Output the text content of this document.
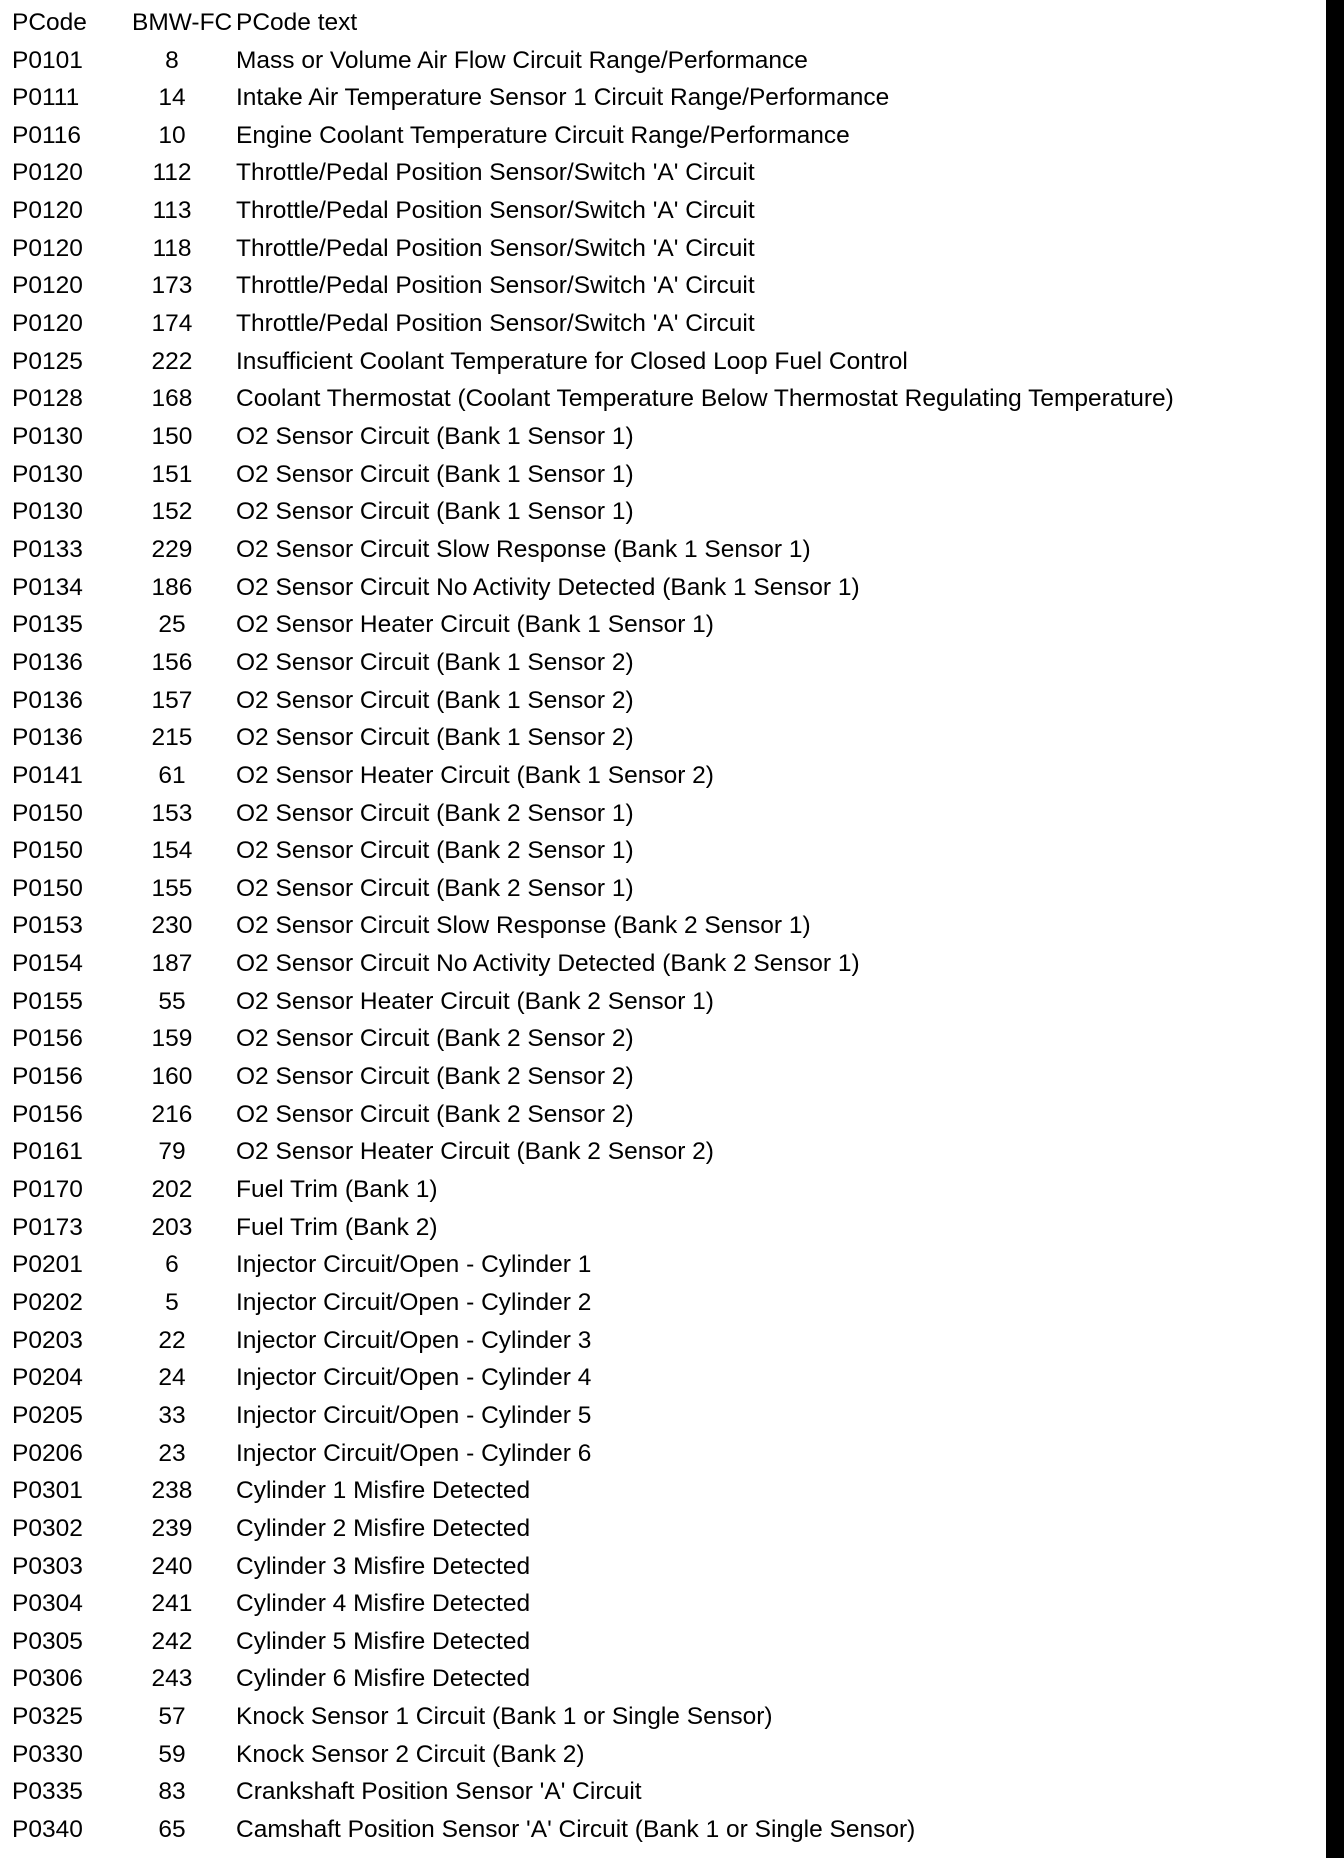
PCode BMW-FC PCode text
P0101	8	Mass or Volume Air Flow Circuit Range/Performance
P0111	14	Intake Air Temperature Sensor 1 Circuit Range/Performance
P0116	10	Engine Coolant Temperature Circuit Range/Performance
P0120	112	Throttle/Pedal Position Sensor/Switch 'A' Circuit
P0120	113	Throttle/Pedal Position Sensor/Switch 'A' Circuit
P0120	118	Throttle/Pedal Position Sensor/Switch 'A' Circuit
P0120	173	Throttle/Pedal Position Sensor/Switch 'A' Circuit
P0120	174	Throttle/Pedal Position Sensor/Switch 'A' Circuit
P0125	222	Insufficient Coolant Temperature for Closed Loop Fuel Control
P0128	168	Coolant Thermostat (Coolant Temperature Below Thermostat Regulating Temperature)
P0130	150	O2 Sensor Circuit (Bank 1 Sensor 1)
P0130	151	O2 Sensor Circuit (Bank 1 Sensor 1)
P0130	152	O2 Sensor Circuit (Bank 1 Sensor 1)
P0133	229	O2 Sensor Circuit Slow Response (Bank 1 Sensor 1)
P0134	186	O2 Sensor Circuit No Activity Detected (Bank 1 Sensor 1)
P0135	25	O2 Sensor Heater Circuit (Bank 1 Sensor 1)
P0136	156	O2 Sensor Circuit (Bank 1 Sensor 2)
P0136	157	O2 Sensor Circuit (Bank 1 Sensor 2)
P0136	215	O2 Sensor Circuit (Bank 1 Sensor 2)
P0141	61	O2 Sensor Heater Circuit (Bank 1 Sensor 2)
P0150	153	O2 Sensor Circuit (Bank 2 Sensor 1)
P0150	154	O2 Sensor Circuit (Bank 2 Sensor 1)
P0150	155	O2 Sensor Circuit (Bank 2 Sensor 1)
P0153	230	O2 Sensor Circuit Slow Response (Bank 2 Sensor 1)
P0154	187	O2 Sensor Circuit No Activity Detected (Bank 2 Sensor 1)
P0155	55	O2 Sensor Heater Circuit (Bank 2 Sensor 1)
P0156	159	O2 Sensor Circuit (Bank 2 Sensor 2)
P0156	160	O2 Sensor Circuit (Bank 2 Sensor 2)
P0156	216	O2 Sensor Circuit (Bank 2 Sensor 2)
P0161	79	O2 Sensor Heater Circuit (Bank 2 Sensor 2)
P0170	202	Fuel Trim (Bank 1)
P0173	203	Fuel Trim (Bank 2)
P0201	6	Injector Circuit/Open - Cylinder 1
P0202	5	Injector Circuit/Open - Cylinder 2
P0203	22	Injector Circuit/Open - Cylinder 3
P0204	24	Injector Circuit/Open - Cylinder 4
P0205	33	Injector Circuit/Open - Cylinder 5
P0206	23	Injector Circuit/Open - Cylinder 6
P0301	238	Cylinder 1 Misfire Detected
P0302	239	Cylinder 2 Misfire Detected
P0303	240	Cylinder 3 Misfire Detected
P0304	241	Cylinder 4 Misfire Detected
P0305	242	Cylinder 5 Misfire Detected
P0306	243	Cylinder 6 Misfire Detected
P0325	57	Knock Sensor 1 Circuit (Bank 1 or Single Sensor)
P0330	59	Knock Sensor 2 Circuit (Bank 2)
P0335	83	Crankshaft Position Sensor 'A' Circuit
P0340	65	Camshaft Position Sensor 'A' Circuit (Bank 1 or Single Sensor)
